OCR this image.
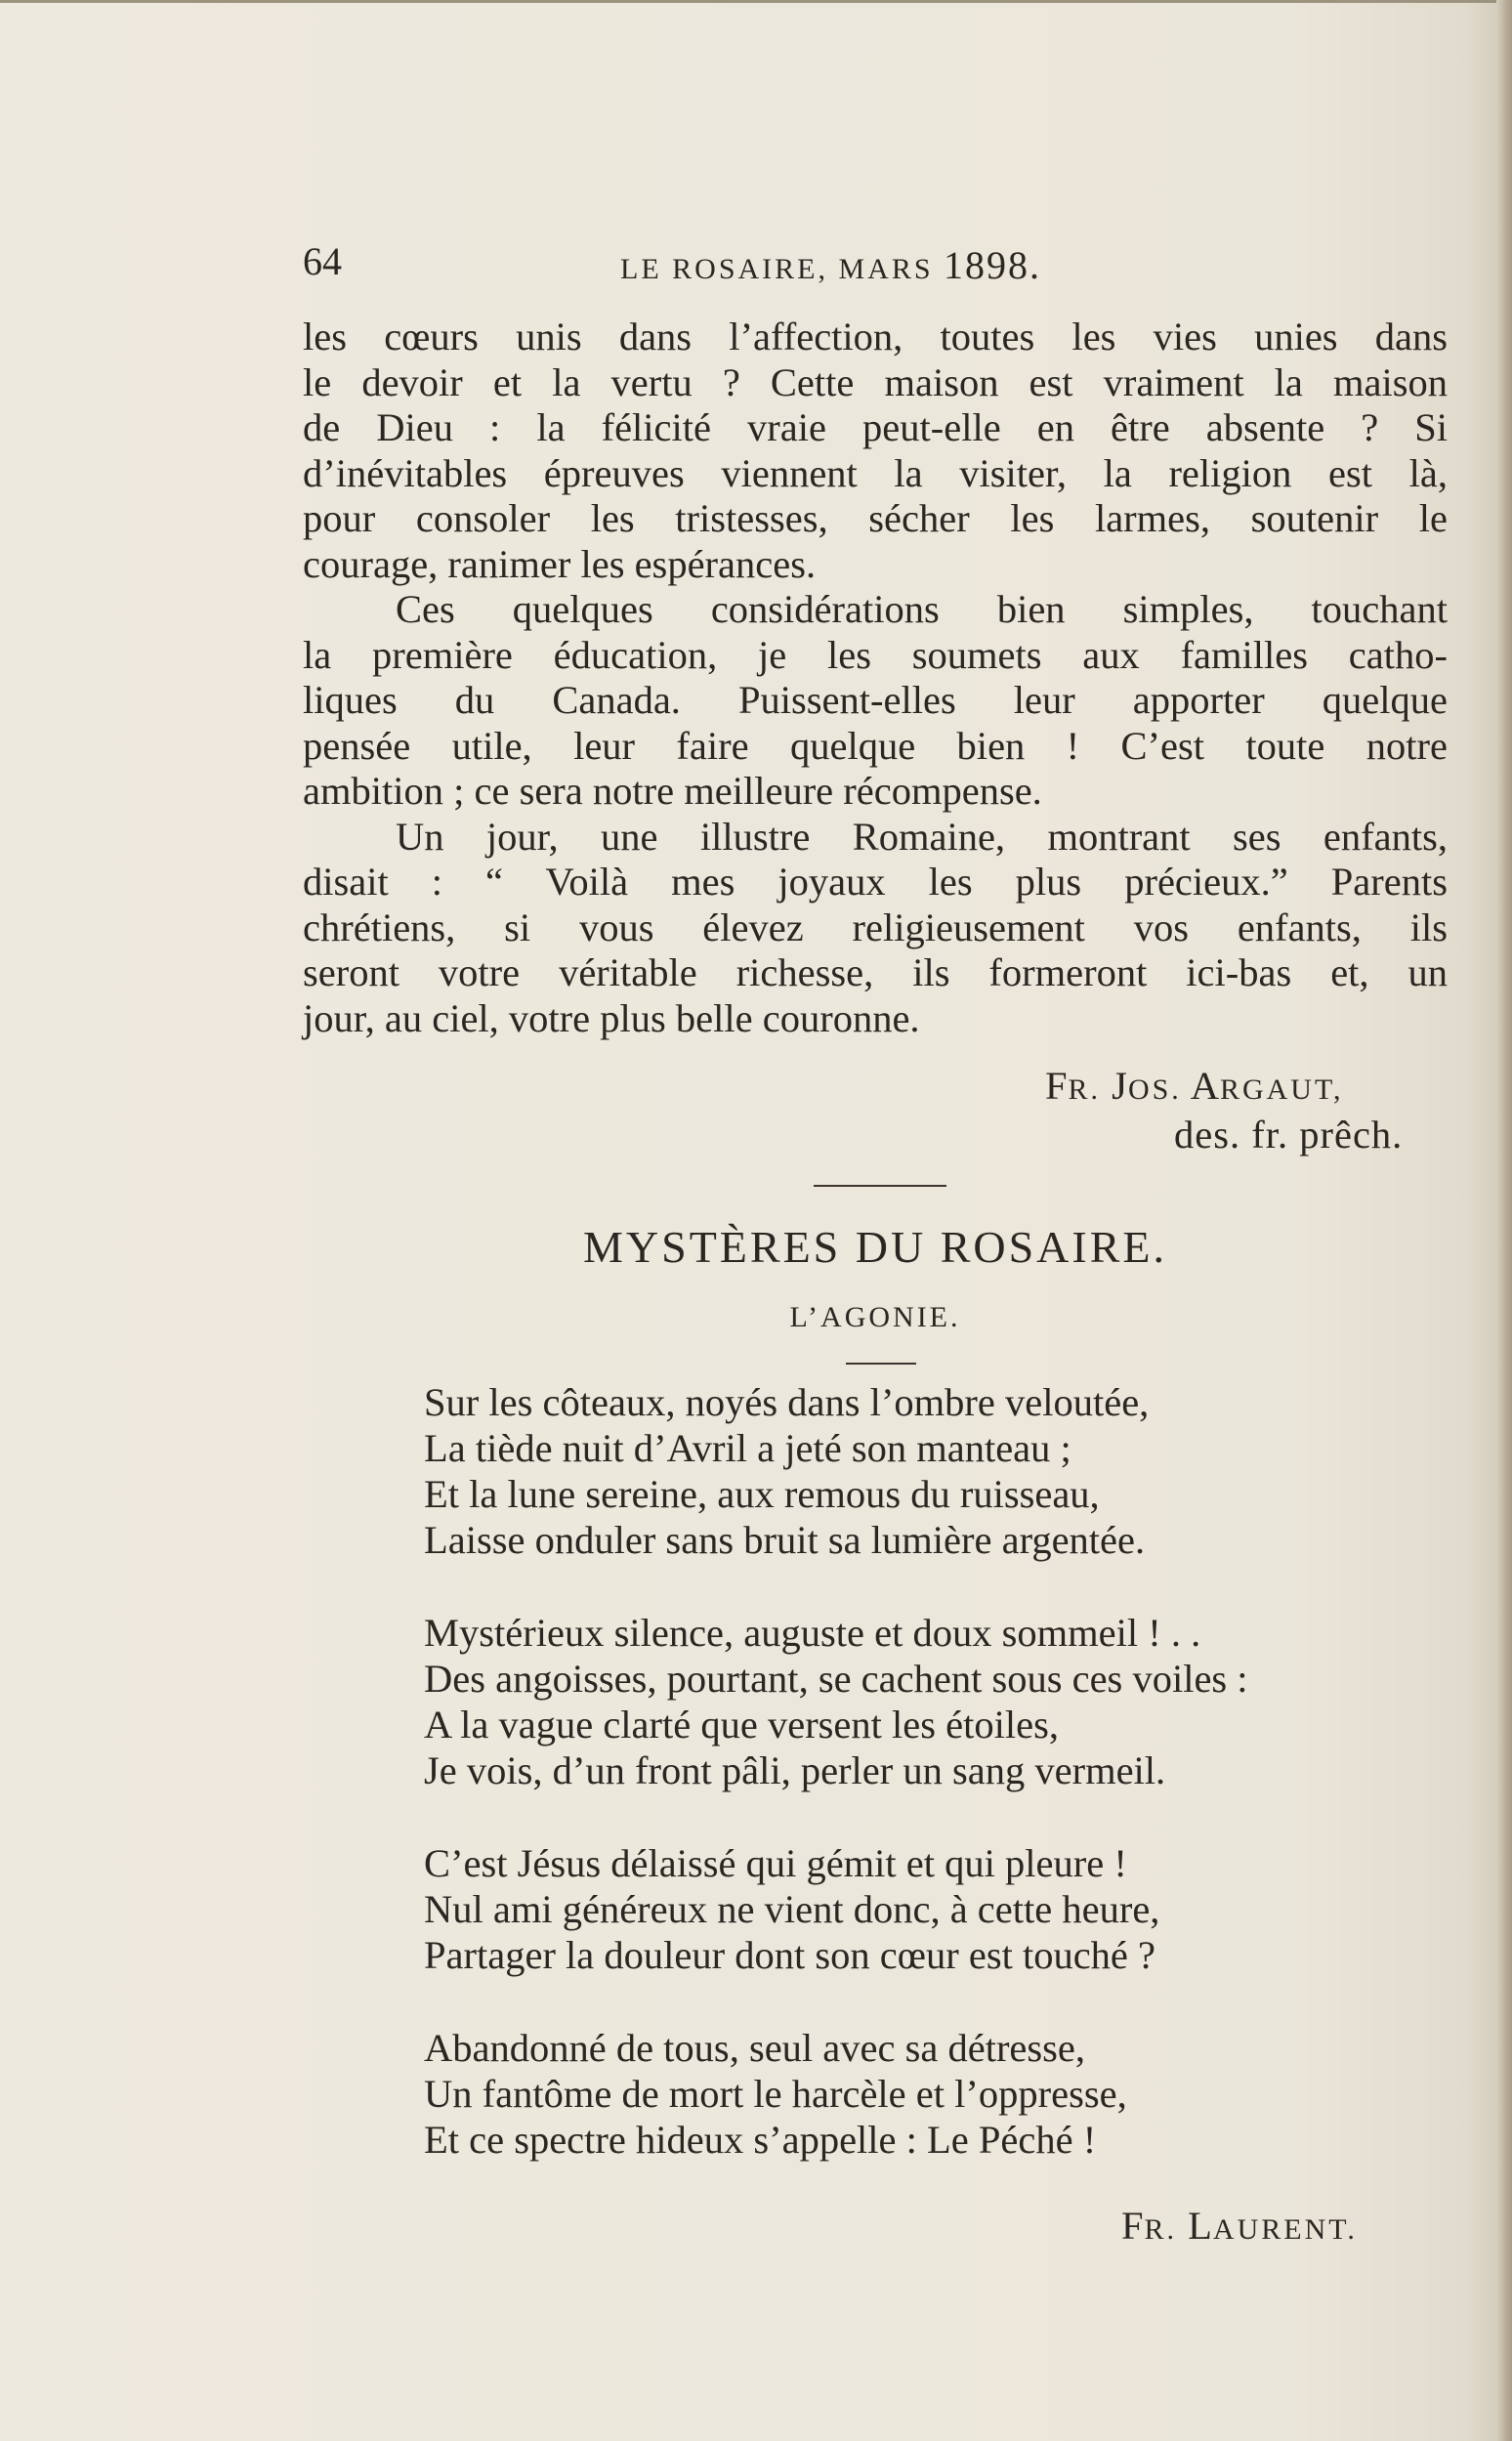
64	LE ROSAIRE, MARS 1898.

les cœurs unis dans l’affection, toutes les vies unies dans
le devoir et la vertu ? Cette maison est vraiment la maison
de Dieu : la félicité vraie peut-elle en être absente ? Si
d’inévitables épreuves viennent la visiter, la religion est là,
pour consoler les tristesses, sécher les larmes, soutenir le
courage, ranimer les espérances.

Ces quelques considérations bien simples, touchant
la première éducation, je les soumets aux familles catho-
liques du Canada. Puissent-elles leur apporter quelque
pensée utile, leur faire quelque bien ! C’est toute notre
ambition ; ce sera notre meilleure récompense.

Un jour, une illustre Romaine, montrant ses enfants,
disait : “ Voilà mes joyaux les plus précieux.” Parents
chrétiens, si vous élevez religieusement vos enfants, ils
seront votre véritable richesse, ils formeront ici-bas et, un
jour, au ciel, votre plus belle couronne.

FR. JOS. ARGAUT,
des. fr. prêch.
MYSTÈRES DU ROSAIRE.
L’AGONIE.
Sur les côteaux, noyés dans l’ombre veloutée,
La tiède nuit d’Avril a jeté son manteau ;
Et la lune sereine, aux remous du ruisseau,
Laisse onduler sans bruit sa lumière argentée.
Mystérieux silence, auguste et doux sommeil ! . .
Des angoisses, pourtant, se cachent sous ces voiles :
A la vague clarté que versent les étoiles,
Je vois, d’un front pâli, perler un sang vermeil.
C’est Jésus délaissé qui gémit et qui pleure !
Nul ami généreux ne vient donc, à cette heure,
Partager la douleur dont son cœur est touché ?
Abandonné de tous, seul avec sa détresse,
Un fantôme de mort le harcèle et l’oppresse,
Et ce spectre hideux s’appelle : Le Péché !
FR. LAURENT.
